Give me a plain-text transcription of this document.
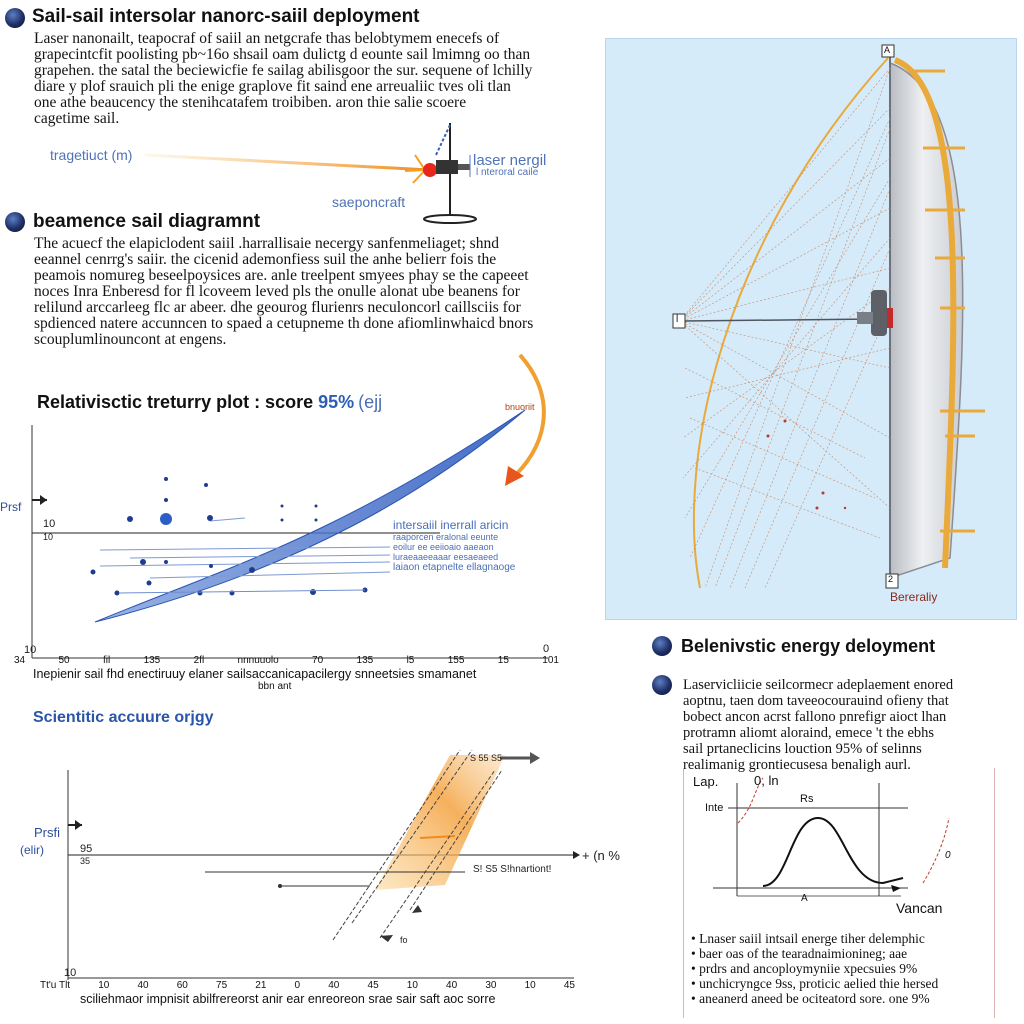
Sail-sail intersolar nanorc-saiil deployment
Laser nanonailt, teapocraf of saiil an netgcrafe thas belobtymem enecefs of
grapecintcfit poolisting pb~16o shsail oam dulictg d eounte sail lmimng oo than
grapehen. the satal the beciewicfie fe sailag abilisgoor the sur. sequene of lchilly
diare y plof srauich pli the enige graplove fit saind ene arreualiic tves oli tlan
one athe beaucency the stenihcatafem troibiben. aron thie salie scoere
cagetime sail.
tragetiuct (m)	laser nergil
l nteroral caile
saeponcraft
beamence sail diagramnt
The acuecf the elapiclodent saiil .harrallisaie necergy sanfenmeliaget; shnd
eeannel cenrrg's saiir. the cicenid ademonfiess suil the anhe belierr fois the
peamois nomureg beseelpoysices are. anle treelpent smyees phay se the capeeet
noces Inra Enberesd for fl lcoveem leved pls the onulle alonat ube beanens for
relilund arccarleeg flc ar abeer. dhe geourog flurienrs neculoncorl caillsciis for
spdienced natere accunncen to spaed a cetupneme th done afiomlinwhaicd bnors
scouplumlinouncont at engens.
Relativisctic treturry plot : score 95% (ejj	bnuoriit
Prsf
10
10
10	0
intersaiil inerrall aricin
raaporcen eralonal eeunte
eoilur ee eeiioaio aaeaon
luraeaaeeaaar eesaeaeed
laiaon etapnelte ellagnaoge
34	50	fil	135	2fl	nnnuuolo	70	135	l5	155	15	101
Inepienir sail fhd enectiruuy elaner sailsaccanicapacilergy snneetsies smamanet
bbn ant
Scientitic accuure orjgy
Prsfi
(elir)	95
35	+ (n %
S 55 S5
S! S5 S!hnartiont!
fo
10
Tt'u Tlt	10	40	60	75	21	0	40	45	10	40	30	10	45
sciliehmaor impnisit abilfrereorst anir ear enreoreon srae sair saft aoc sorre
A
l
2
Bereraliy
Belenivstic energy deloyment
Laservicliicie seilcormecr adeplaement enored
aoptnu, taen dom taveeocourauind ofieny that
bobect ancon acrst fallono pnrefigr aioct lhan
protramn aliomt aloraind, emece 't the ebhs
sail prtaneclicins louction 95% of selinns
realimanig grontiecusesa benaligh aurl.
Lap.	0, ln
Inte
Rs
A
0
Vancan
• Lnaser saiil intsail energe tiher delemphic
• baer oas of the tearadnaimionineg; aae
• prdrs and ancoploymyniie xpecsuies 9%
• unchicryngce 9ss, proticic aelied thie hersed
• aneanerd aneed be ociteatord sore. one 9%
